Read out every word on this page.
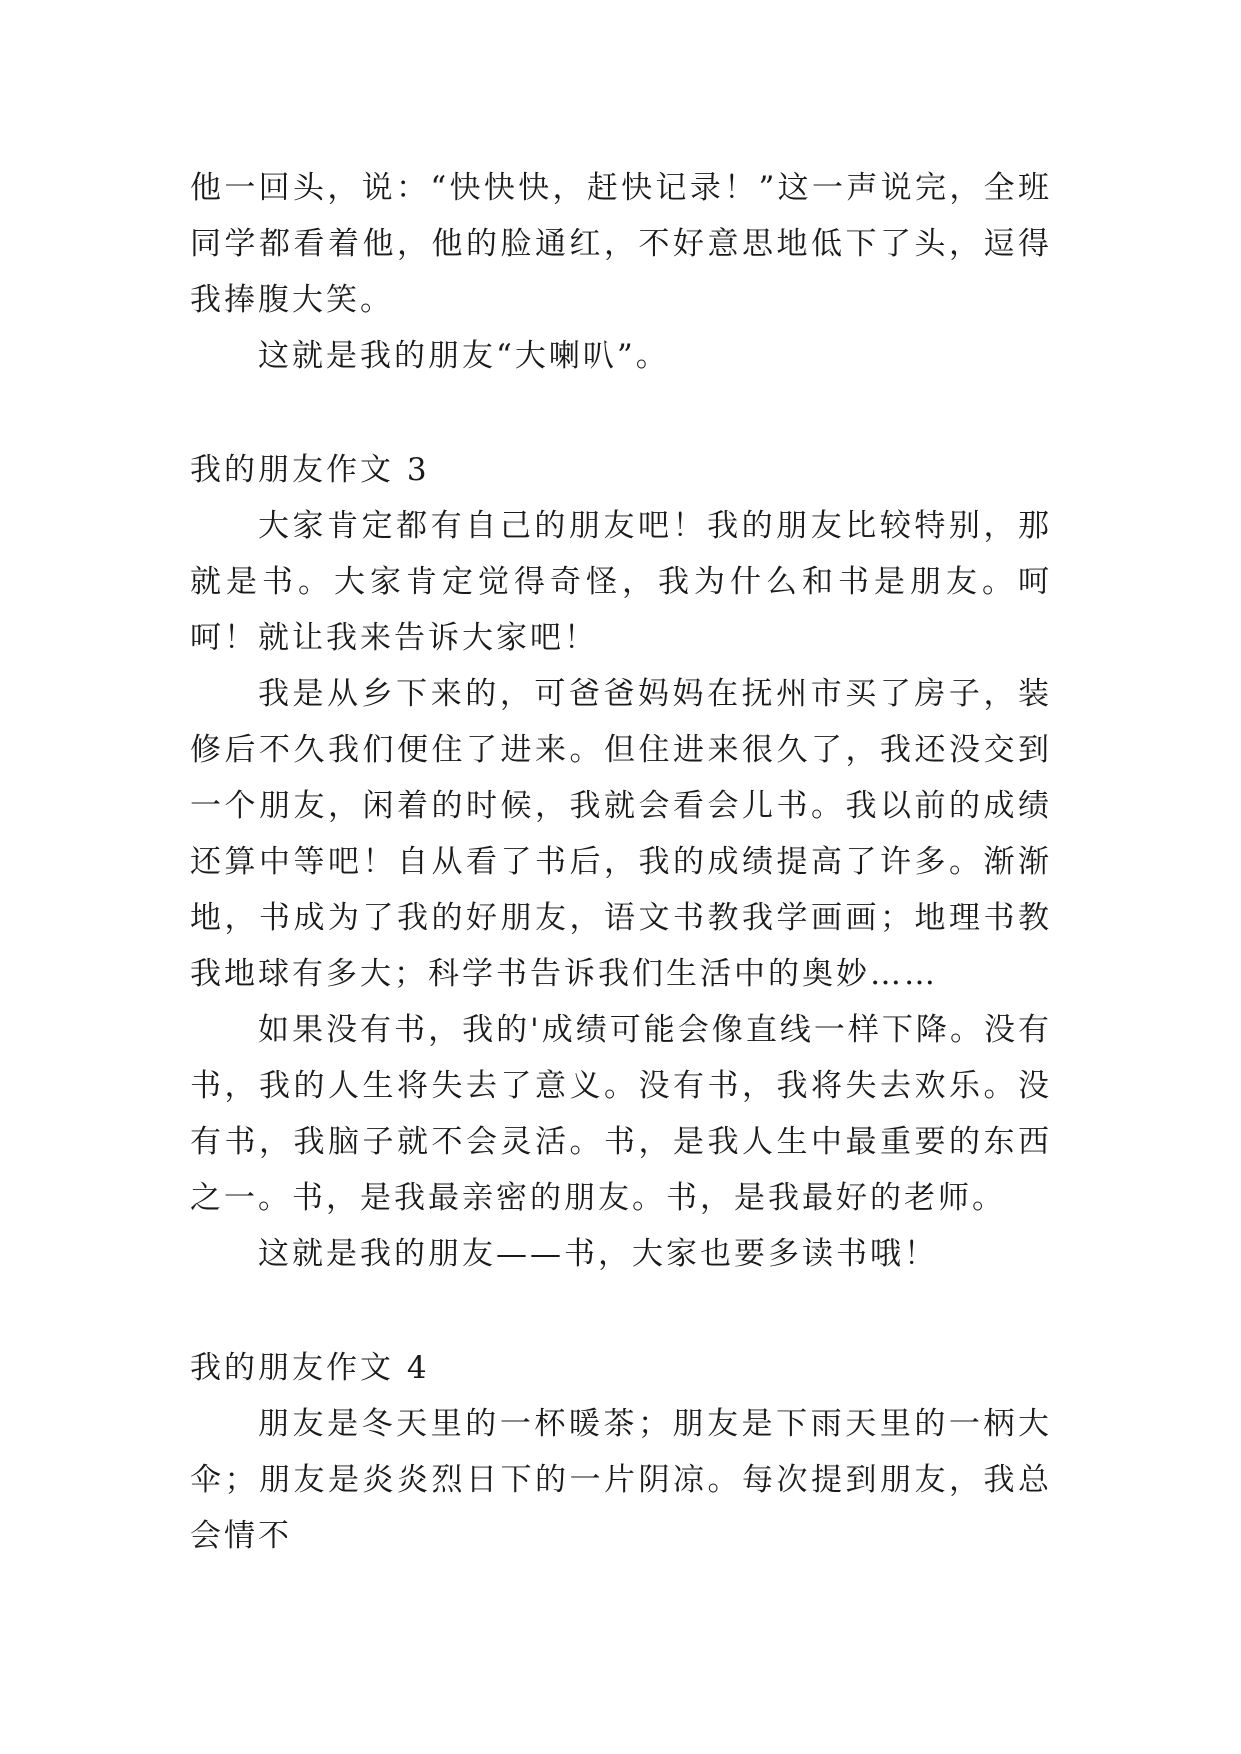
他一回头，说：“快快快，赶快记录！”这一声说完，全班同学都看着他，他的脸通红，不好意思地低下了头，逗得我捧腹大笑。

这就是我的朋友“大喇叭”。

我的朋友作文 3

大家肯定都有自己的朋友吧！我的朋友比较特别，那就是书。大家肯定觉得奇怪，我为什么和书是朋友。呵呵！就让我来告诉大家吧！

我是从乡下来的，可爸爸妈妈在抚州市买了房子，装修后不久我们便住了进来。但住进来很久了，我还没交到一个朋友，闲着的时候，我就会看会儿书。我以前的成绩还算中等吧！自从看了书后，我的成绩提高了许多。渐渐地，书成为了我的好朋友，语文书教我学画画；地理书教我地球有多大；科学书告诉我们生活中的奥妙……

如果没有书，我的'成绩可能会像直线一样下降。没有书，我的人生将失去了意义。没有书，我将失去欢乐。没有书，我脑子就不会灵活。书，是我人生中最重要的东西之一。书，是我最亲密的朋友。书，是我最好的老师。

这就是我的朋友——书，大家也要多读书哦！

我的朋友作文 4

朋友是冬天里的一杯暖茶；朋友是下雨天里的一柄大伞；朋友是炎炎烈日下的一片阴凉。每次提到朋友，我总会情不
